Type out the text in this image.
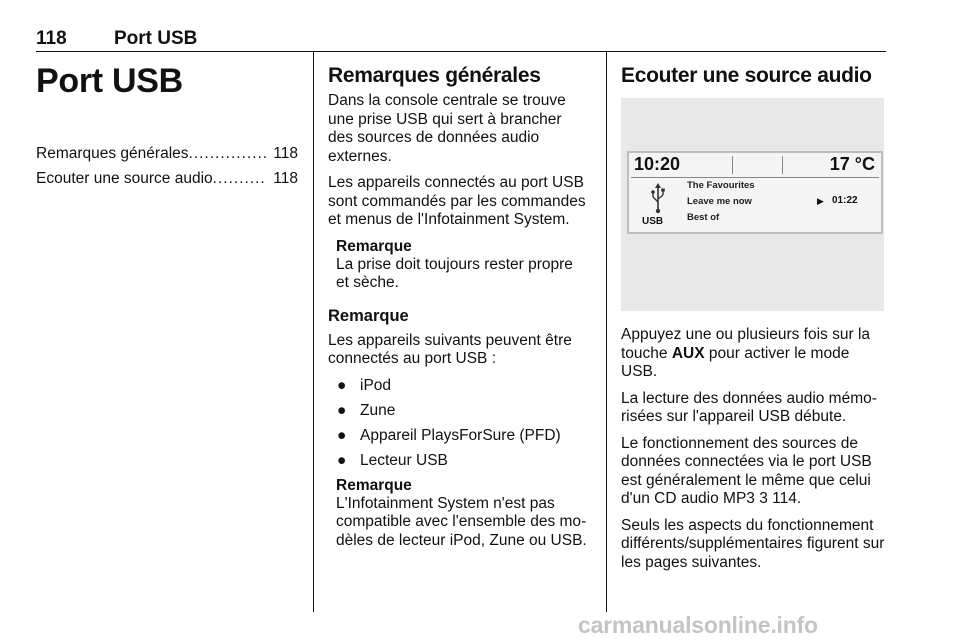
118 Port USB
Port USB
Remarques générales ............... 118
Ecouter une source audio .......... 118
Remarques générales

Dans la console centrale se trouve une prise USB qui sert à brancher des sources de données audio externes.

Les appareils connectés au port USB sont commandés par les commandes et menus de l'Infotainment System.

Remarque
La prise doit toujours rester propre et sèche.
Remarque

Les appareils suivants peuvent être connectés au port USB :

● iPod
● Zune
● Appareil PlaysForSure (PFD)
● Lecteur USB
Remarque
L'Infotainment System n'est pas compatible avec l'ensemble des modèles de lecteur iPod, Zune ou USB.
Ecouter une source audio
10:20	17 °C
USB
The Favourites
Leave me now
Best of
▶ 01:22

Appuyez une ou plusieurs fois sur la touche AUX pour activer le mode USB.

La lecture des données audio mémorisées sur l'appareil USB débute.

Le fonctionnement des sources de données connectées via le port USB est généralement le même que celui d'un CD audio MP3 3 114.

Seuls les aspects du fonctionnement différents/supplémentaires figurent sur les pages suivantes.

carmanualsonline.info
